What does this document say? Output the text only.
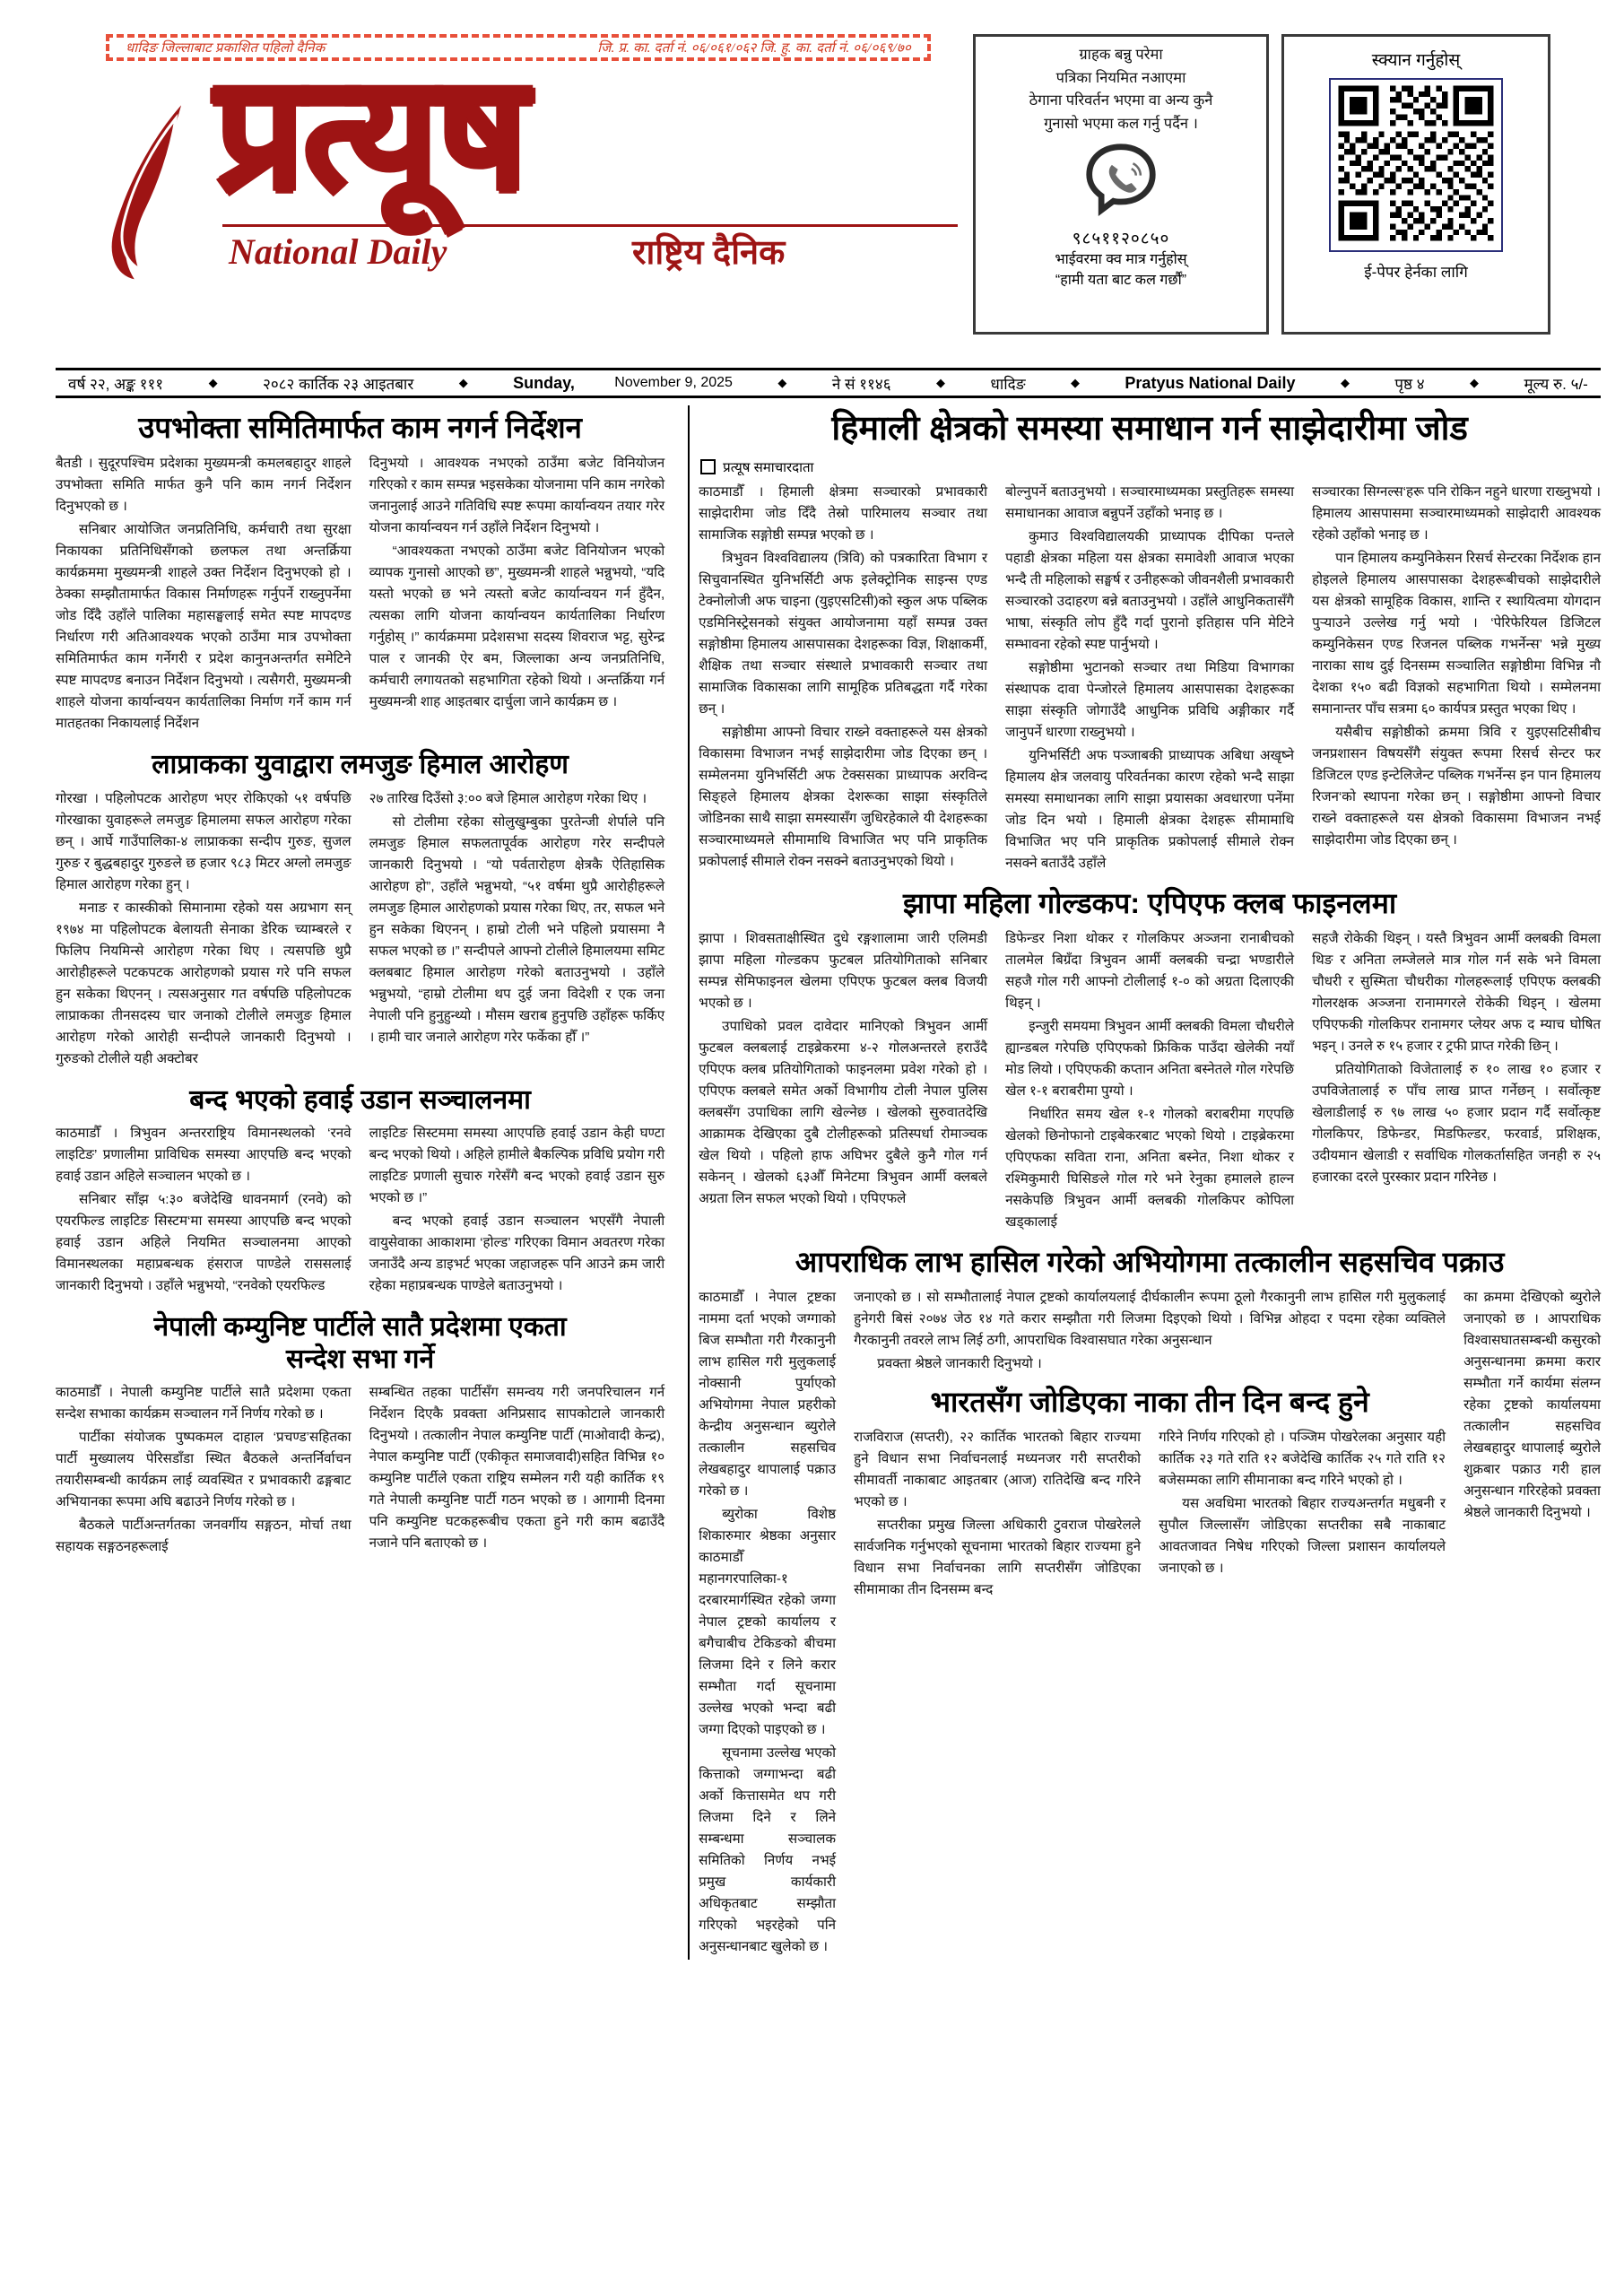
धादिङ जिल्लाबाट प्रकाशित पहिलो दैनिक	जि. प्र. का. दर्ता नं. ०६/०६१/०६२ जि. हु. का. दर्ता नं. ०६/०६९/७०
प्रत्यूष
National Daily	राष्ट्रिय दैनिक
ग्राहक बन्नु परेमा
पत्रिका नियमित नआएमा
ठेगाना परिवर्तन भएमा वा अन्य कुनै
गुनासो भएमा कल गर्नु पर्दैन ।
९८५११२०८५०
भाईवरमा क्व मात्र गर्नुहोस्
“हामी यता बाट कल गर्छौं”
स्क्यान गर्नुहोस्
ई-पेपर हेर्नका लागि
वर्ष २२, अङ्क १११	◆	२०८२ कार्तिक २३ आइतबार	◆	Sunday,	November 9, 2025	◆	ने सं ११४६	◆	धादिङ	◆	Pratyus National Daily	◆	पृष्ठ ४	◆	मूल्य रु. ५/-
उपभोक्ता समितिमार्फत काम नगर्न निर्देशन

बैतडी । सुदूरपश्चिम प्रदेशका मुख्यमन्त्री कमलबहादुर शाहले उपभोक्ता समिति मार्फत कुनै पनि काम नगर्न निर्देशन दिनुभएको छ ।

सनिबार आयोजित जनप्रतिनिधि, कर्मचारी तथा सुरक्षा निकायका प्रतिनिधिसँगको छलफल तथा अन्तर्क्रिया कार्यक्रममा मुख्यमन्त्री शाहले उक्त निर्देशन दिनुभएको हो । ठेक्का सम्झौतामार्फत विकास निर्माणहरू गर्नुपर्ने राख्नुपर्नेमा जोड दिँदै उहाँले पालिका महासङ्घलाई समेत स्पष्ट मापदण्ड निर्धारण गरी अतिआवश्यक भएको ठाउँमा मात्र उपभोक्ता समितिमार्फत काम गर्नेगरी र प्रदेश कानुनअन्तर्गत समेटिने स्पष्ट मापदण्ड बनाउन निर्देशन दिनुभयो । त्यसैगरी, मुख्यमन्त्री शाहले योजना कार्यान्वयन कार्यतालिका निर्माण गर्ने काम गर्न मातहतका निकायलाई निर्देशन

दिनुभयो । आवश्यक नभएकाे ठाउँमा बजेट विनियोजन गरिएकाे र काम सम्पन्न भइसकेका योजनामा पनि काम नगरेको जनानुलाई आउने गतिविधि स्पष्ट रूपमा कार्यान्वयन तयार गरेर योजना कार्यान्वयन गर्न उहाँले निर्देशन दिनुभयो ।

“आवश्यकता नभएकाे ठाउँमा बजेट विनियोजन भएको व्यापक गुनासो आएको छ”, मुख्यमन्त्री शाहले भन्नुभयो, “यदि यस्तो भएको छ भने त्यस्तो बजेट कार्यान्वयन गर्न हुँदैन, त्यसका लागि योजना कार्यान्वयन कार्यतालिका निर्धारण गर्नुहोस् ।” कार्यक्रममा प्रदेशसभा सदस्य शिवराज भट्ट, सुरेन्द्र पाल र जानकी ऐर बम, जिल्लाका अन्य जनप्रतिनिधि, कर्मचारी लगायतको सहभागिता रहेको थियो । अन्तर्क्रिया गर्न मुख्यमन्त्री शाह आइतबार दार्चुला जाने कार्यक्रम छ ।

लाप्राकका युवाद्वारा लमजुङ हिमाल आरोहण

गोरखा । पहिलोपटक आरोहण भएर रोकिएको ५१ वर्षपछि गोरखाका युवाहरूले लमजुङ हिमालमा सफल आरोहण गरेका छन् । आर्घे गाउँपालिका-४ लाप्राकका सन्दीप गुरुङ, सुजल गुरुङ र बुद्धबहादुर गुरुङले छ हजार ९८३ मिटर अग्लो लमजुङ हिमाल आरोहण गरेका हुन् ।

मनाङ र कास्कीको सिमानामा रहेको यस अग्रभाग सन् १९७४ मा पहिलोपटक बेलायती सेनाका डेरिक च्याम्बरले र फिलिप नियमिन्से आरोहण गरेका थिए । त्यसपछि थुप्रै आरोहीहरूले पटकपटक आरोहणको प्रयास गरे पनि सफल हुन सकेका थिएनन् । त्यसअनुसार गत वर्षपछि पहिलोपटक लाप्राकका तीनसदस्य चार जनाको टोलीले लमजुङ हिमाल आरोहण गरेको आरोही सन्दीपले जानकारी दिनुभयो । गुरुङको टोलीले यही अक्टोबर

२७ तारिख दिउँसो ३:०० बजे हिमाल आरोहण गरेका थिए ।

सो टोलीमा रहेका सोलुखुम्बुका पुरतेन्जी शेर्पाले पनि लमजुङ हिमाल सफलतापूर्वक आरोहण गरेर सन्दीपले जानकारी दिनुभयो । “यो पर्वतारोहण क्षेत्रकै ऐतिहासिक आरोहण हो”, उहाँले भन्नुभयो, “५१ वर्षमा थुप्रै आरोहीहरूले लमजुङ हिमाल आरोहणको प्रयास गरेका थिए, तर, सफल भने हुन सकेका थिएनन् । हाम्रो टोली भने पहिलो प्रयासमा नै सफल भएको छ ।” सन्दीपले आफ्नो टोलीले हिमालयमा समिट क्लबबाट हिमाल आरोहण गरेको बताउनुभयो । उहाँले भन्नुभयो, “हाम्रो टोलीमा थप दुई जना विदेशी र एक जना नेपाली पनि हुनुहुन्थ्यो । मौसम खराब हुनुपछि उहाँहरू फर्किए । हामी चार जनाले आरोहण गरेर फर्केका हौँ ।”

बन्द भएको हवाई उडान सञ्चालनमा

काठमाडौँ । त्रिभुवन अन्तरराष्ट्रिय विमानस्थलको ‘रनवे लाइटिङ’ प्रणालीमा प्राविधिक समस्या आएपछि बन्द भएको हवाई उडान अहिले सञ्चालन भएको छ ।

सनिबार साँझ ५:३० बजेदेखि धावनमार्ग (रनवे) को एयरफिल्ड लाइटिङ सिस्टम‘मा समस्या आएपछि बन्द भएको हवाई उडान अहिले नियमित सञ्चालनमा आएको विमानस्थलका महाप्रबन्धक हंसराज पाण्डेले राससलाई जानकारी दिनुभयो । उहाँले भन्नुभयो, “रनवेको एयरफिल्ड

लाइटिङ सिस्टममा समस्या आएपछि हवाई उडान केही घण्टा बन्द भएको थियो । अहिले हामीले बैकल्पिक प्रविधि प्रयोग गरी लाइटिङ प्रणाली सुचारु गरेसँगै बन्द भएको हवाई उडान सुरु भएको छ ।”

बन्द भएको हवाई उडान सञ्चालन भएसँगै नेपाली वायुसेवाका आकाशमा ‘होल्ड’ गरिएका विमान अवतरण गरेका जनाउँदै अन्य डाइभर्ट भएका जहाजहरू पनि आउने क्रम जारी रहेका महाप्रबन्धक पाण्डेले बताउनुभयो ।

नेपाली कम्युनिष्ट पार्टीले सातै प्रदेशमा एकता
सन्देश सभा गर्ने

काठमाडौँ । नेपाली कम्युनिष्ट पार्टीले सातै प्रदेशमा एकता सन्देश सभाका कार्यक्रम सञ्चालन गर्ने निर्णय गरेको छ ।

पार्टीका संयोजक पुष्पकमल दाहाल ‘प्रचण्ड’सहितका पार्टी मुख्यालय पेरिसडाँडा स्थित बैठकले अन्तर्निर्वाचन तयारीसम्बन्धी कार्यक्रम लाई व्यवस्थित र प्रभावकारी ढङ्गबाट अभियानका रूपमा अघि बढाउने निर्णय गरेको छ ।

बैठकले पार्टीअन्तर्गतका जनवर्गीय सङ्गठन, मोर्चा तथा सहायक सङ्गठनहरूलाई

सम्बन्धित तहका पार्टीसँग समन्वय गरी जनपरिचालन गर्न निर्देशन दिएकै प्रवक्ता अनिप्रसाद सापकोटाले जानकारी दिनुभयो । तत्कालीन नेपाल कम्युनिष्ट पार्टी (माओवादी केन्द्र), नेपाल कम्युनिष्ट पार्टी (एकीकृत समाजवादी)सहित विभिन्न १० कम्युनिष्ट पार्टीले एकता राष्ट्रिय सम्मेलन गरी यही कार्तिक १९ गते नेपाली कम्युनिष्ट पार्टी गठन भएको छ । आगामी दिनमा पनि कम्युनिष्ट घटकहरूबीच एकता हुने गरी काम बढाउँदै नजाने पनि बताएको छ ।

हिमाली क्षेत्रको समस्या समाधान गर्न साझेदारीमा जोड
प्रत्यूष समाचारदाता

काठमाडौँ । हिमाली क्षेत्रमा सञ्चारको प्रभावकारी साझेदारीमा जोड दिँदै तेस्रो पारिमालय सञ्चार तथा सामाजिक सङ्गोष्ठी सम्पन्न भएको छ ।

त्रिभुवन विश्वविद्यालय (त्रिवि) को पत्रकारिता विभाग र सिचुवानस्थित युनिभर्सिटी अफ इलेक्ट्रोनिक साइन्स एण्ड टेक्नोलोजी अफ चाइना (युइएसटिसी)को स्कुल अफ पब्लिक एडमिनिस्ट्रेसनको संयुक्त आयोजनामा यहाँ सम्पन्न उक्त सङ्गोष्ठीमा हिमालय आसपासका देशहरूका विज्ञ, शिक्षाकर्मी, शैक्षिक तथा सञ्चार संस्थाले प्रभावकारी सञ्चार तथा सामाजिक विकासका लागि सामूहिक प्रतिबद्धता गर्दै गरेका छन् ।

सङ्गोष्ठीमा आफ्नो विचार राख्ने वक्ताहरूले यस क्षेत्रको विकासमा विभाजन नभई साझेदारीमा जोड दिएका छन् । सम्मेलनमा युनिभर्सिटी अफ टेक्ससका प्राध्यापक अरविन्द सिङ्हले हिमालय क्षेत्रका देशरूका साझा संस्कृतिले जोडिनका साथै साझा समस्यासँग जुधिरहेकाले यी देशहरूका सञ्चारमाध्यमले सीमामाथि विभाजित भए पनि प्राकृतिक प्रकोपलाई सीमाले रोक्न नसक्ने बताउनुभएको थियो ।

बोल्नुपर्ने बताउनुभयो । सञ्चारमाध्यमका प्रस्तुतिहरू समस्या समाधानका आवाज बन्नुपर्ने उहाँको भनाइ छ ।

कुमाउ विश्वविद्यालयकी प्राध्यापक दीपिका पन्तले पहाडी क्षेत्रका महिला यस क्षेत्रका समावेशी आवाज भएका भन्दै ती महिलाको सङ्घर्ष र उनीहरूको जीवनशैली प्रभावकारी सञ्चारको उदाहरण बन्ने बताउनुभयो । उहाँले आधुनिकतासँगै भाषा, संस्कृति लोप हुँदै गर्दा पुरानो इतिहास पनि मेटिने सम्भावना रहेको स्पष्ट पार्नुभयो ।

सङ्गोष्ठीमा भुटानको सञ्चार तथा मिडिया विभागका संस्थापक दावा पेन्जोरले हिमालय आसपासका देशहरूका साझा संस्कृति जोगाउँदै आधुनिक प्रविधि अङ्गीकार गर्दै जानुपर्ने धारणा राख्नुभयो ।

युनिभर्सिटी अफ पञ्जाबकी प्राध्यापक अबिधा अखृष्ने हिमालय क्षेत्र जलवायु परिवर्तनका कारण रहेको भन्दै साझा समस्या समाधानका लागि साझा प्रयासका अवधारणा पनेंमा जोड दिन भयो । हिमाली क्षेत्रका देशहरू सीमामाथि विभाजित भए पनि प्राकृतिक प्रकोपलाई सीमाले रोक्न नसक्ने बताउँदै उहाँले

सञ्चारका सिग्नल्स‘हरू पनि रोकिन नहुने धारणा राख्नुभयो । हिमालय आसपासमा सञ्चारमाध्यमको साझेदारी आवश्यक रहेको उहाँको भनाइ छ ।

पान हिमालय कम्युनिकेसन रिसर्च सेन्टरका निर्देशक हान होइलले हिमालय आसपासका देशहरूबीचको साझेदारीले यस क्षेत्रको सामूहिक विकास, शान्ति र स्थायित्वमा योगदान पुऱ्याउने उल्लेख गर्नु भयो । ‘पेरिफेरियल डिजिटल कम्युनिकेसन एण्ड रिजनल पब्लिक गभर्नेन्स’ भन्ने मुख्य नाराका साथ दुई दिनसम्म सञ्चालित सङ्गोष्ठीमा विभिन्न नौ देशका १५० बढी विज्ञको सहभागिता थियो । सम्मेलनमा समानान्तर पाँच सत्रमा ६० कार्यपत्र प्रस्तुत भएका थिए ।

यसैबीच सङ्गोष्ठीको क्रममा त्रिवि र युइएसटिसीबीच जनप्रशासन विषयसँगै संयुक्त रूपमा रिसर्च सेन्टर फर डिजिटल एण्ड इन्टेलिजेन्ट पब्लिक गभर्नेन्स इन पान हिमालय रिजन‘को स्थापना गरेका छन् । सङ्गोष्ठीमा आफ्नो विचार राख्ने वक्ताहरूले यस क्षेत्रको विकासमा विभाजन नभई साझेदारीमा जोड दिएका छन् ।

झापा महिला गोल्डकप: एपिएफ क्लब फाइनलमा

झापा । शिवसताक्षीस्थित दुधे रङ्गशालामा जारी एलिमडी झापा महिला गोल्डकप फुटबल प्रतियोगिताको सनिबार सम्पन्न सेमिफाइनल खेलमा एपिएफ फुटबल क्लब विजयी भएको छ ।

उपाधिको प्रवल दावेदार मानिएको त्रिभुवन आर्मी फुटबल क्लबलाई टाइब्रेकरमा ४-२ गोलअन्तरले हराउँदै एपिएफ क्लब प्रतियोगिताको फाइनलमा प्रवेश गरेको हो । एपिएफ क्लबले समेत अर्को विभागीय टोली नेपाल पुलिस क्लबसँग उपाधिका लागि खेल्नेछ । खेलको सुरुवातदेखि आक्रामक देखिएका दुबै टोलीहरूको प्रतिस्पर्धा रोमाञ्चक खेल थियो । पहिलो हाफ अघिभर दुबैले कुनै गोल गर्न सकेनन् । खेलको ६३औँ मिनेटमा त्रिभुवन आर्मी क्लबले अग्रता लिन सफल भएको थियो । एपिएफले

डिफेन्डर निशा थोकर र गोलकिपर अञ्जना रानाबीचको तालमेल बिग्रँदा त्रिभुवन आर्मी क्लबकी चन्द्रा भण्डारीले सहजै गोल गरी आफ्नो टोलीलाई १-० को अग्रता दिलाएकी थिइन् ।

इन्जुरी समयमा त्रिभुवन आर्मी क्लबकी विमला चौधरीले ह्यान्डबल गरेपछि एपिएफकाे फ्रिकिक पाउँदा खेलेकी नयाँ मोड लियो । एपिएफकी कप्तान अनिता बस्नेतले गोल गरेपछि खेल १-१ बराबरीमा पुग्यो ।

निर्धारित समय खेल १-१ गोलको बराबरीमा गएपछि खेलको छिनोफानो टाइबेकरबाट भएको थियो । टाइब्रेकरमा एपिएफका सविता राना, अनिता बस्नेत, निशा थोकर र रश्मिकुमारी घिसिङले गोल गरे भने रेनुका हमालले हाल्न नसकेपछि त्रिभुवन आर्मी क्लबकी गोलकिपर कोपिला खड्कालाई

सहजै रोकेकी थिइन् । यस्तै त्रिभुवन आर्मी क्लबकी विमला थिङ र अनिता लम्जेलले मात्र गोल गर्न सके भने विमला चौधरी र सुस्मिता चौधरीका गोलहरूलाई एपिएफ क्लबकी गोलरक्षक अञ्जना रानामगरले रोकेकी थिइन् । खेलमा एपिएफकी गोलकिपर रानामगर प्लेयर अफ द म्याच घोषित भइन् । उनले रु १५ हजार र ट्रफी प्राप्त गरेकी छिन् ।

प्रतियोगिताको विजेतालाई रु १० लाख १० हजार र उपविजेतालाई रु पाँच लाख प्राप्त गर्नेछन् । सर्वोत्कृष्ट खेलाडीलाई रु ९७ लाख ५० हजार प्रदान गर्दै सर्वोत्कृष्ट गोलकिपर, डिफेन्डर, मिडफिल्डर, फरवार्ड, प्रशिक्षक, उदीयमान खेलाडी र सर्वाधिक गोलकर्तासहित जनही रु २५ हजारका दरले पुरस्कार प्रदान गरिनेछ ।

आपराधिक लाभ हासिल गरेको अभियोगमा तत्कालीन सहसचिव पक्राउ

काठमाडौँ । नेपाल ट्रष्टका नाममा दर्ता भएको जग्गाको बिज सम्भौता गरी गैरकानुनी लाभ हासिल गरी मुलुकलाई नोक्सानी पुर्याएको अभियोगमा नेपाल प्रहरीको केन्द्रीय अनुसन्धान ब्युरोले तत्कालीन सहसचिव लेखबहादुर थापालाई पक्राउ गरेको छ ।

ब्युरोका विशेष्ठ शिकारुमार श्रेष्ठका अनुसार काठमाडौँ महानगरपालिका-१ दरबारमार्गस्थित रहेको जग्गा नेपाल ट्रष्टको कार्यालय र बगैचाबीच टेकिङको बीचमा लिजमा दिने र लिने करार सम्भौता गर्दा सूचनामा उल्लेख भएको भन्दा बढी जग्गा दिएको पाइएको छ ।

सूचनामा उल्लेख भएको कित्ताको जग्गाभन्दा बढी अर्को कित्तासमेत थप गरी लिजमा दिने र लिने सम्बन्धमा सञ्चालक समितिको निर्णय नभई प्रमुख कार्यकारी अधिकृतबाट सम्झौता गरिएको भइरहेको पनि अनुसन्धानबाट खुलेको छ ।

जनाएको छ । सो सम्भौतालाई नेपाल ट्रष्टको कार्यालयलाई दीर्घकालीन रूपमा ठूलो गैरकानुनी लाभ हासिल गरी मुलुकलाई हुनेगरी बिसं २०७४ जेठ १४ गते करार सम्झौता गरी लिजमा दिइएको थियो । विभिन्न ओहदा र पदमा रहेका व्यक्तिले गैरकानुनी तवरले लाभ लिई ठगी, आपराधिक विश्वासघात गरेका अनुसन्धान

प्रवक्ता श्रेष्ठले जानकारी दिनुभयो ।

भारतसँग जोडिएका नाका तीन दिन बन्द हुने

राजविराज (सप्तरी), २२ कार्तिक भारतको बिहार राज्यमा हुने विधान सभा निर्वाचनलाई मध्यनजर गरी सप्तरीको सीमावर्ती नाकाबाट आइतबार (आज) रातिदेखि बन्द गरिने भएको छ ।

सप्तरीका प्रमुख जिल्ला अधिकारी टुवराज पोखरेलले सार्वजनिक गर्नुभएको सूचनामा भारतको बिहार राज्यमा हुने विधान सभा निर्वाचनका लागि सप्तरीसँग जोडिएका सीमामाका तीन दिनसम्म बन्द

गरिने निर्णय गरिएको हो । पञ्जिम पोखरेलका अनुसार यही कार्तिक २३ गते राति १२ बजेदेखि कार्तिक २५ गते राति १२ बजेसम्मका लागि सीमानाका बन्द गरिने भएको हो ।

यस अवधिमा भारतको बिहार राज्यअन्तर्गत मधुबनी र सुपौल जिल्लासँग जोडिएका सप्तरीका सबै नाकाबाट आवतजावत निषेध गरिएको जिल्ला प्रशासन कार्यालयले जनाएको छ ।

का क्रममा देखिएको ब्युरोले जनाएको छ । आपराधिक विश्वासघातसम्बन्धी कसुरको अनुसन्धानमा क्रममा करार सम्भौता गर्ने कार्यमा संलग्न रहेका ट्रष्टको कार्यालयमा तत्कालीन सहसचिव लेखबहादुर थापालाई ब्युरोले शुक्रबार पक्राउ गरी हाल अनुसन्धान गरिरहेको प्रवक्ता श्रेष्ठले जानकारी दिनुभयो ।
